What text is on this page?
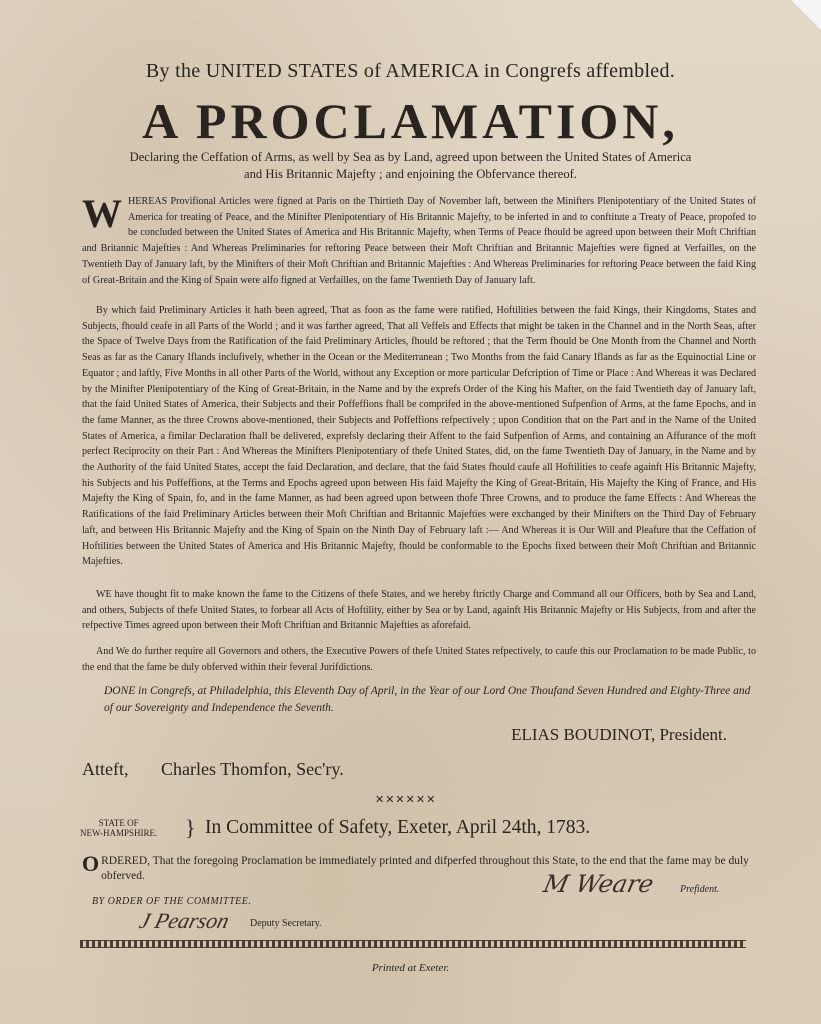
By the UNITED STATES of AMERICA in Congrefs affembled.
A PROCLAMATION,
Declaring the Ceffation of Arms, as well by Sea as by Land, agreed upon between the United States of America and His Britannic Majefty ; and enjoining the Obfervance thereof.
W HEREAS Provifional Articles were figned at Paris on the Thirtieth Day of November laft, between the Minifters Plenipotentiary of the United States of America for treating of Peace, and the Minifter Plenipotentiary of His Britannic Majefty, to be inferted in and to conftitute a Treaty of Peace, propofed to be concluded between the United States of America and His Britannic Majefty, when Terms of Peace fhould be agreed upon between their Moft Chriftian and Britannic Majefties : And Whereas Preliminaries for reftoring Peace between their Moft Chriftian and Britannic Majefties were figned at Verfailles, on the Twentieth Day of January laft, by the Minifters of their Moft Chriftian and Britannic Majefties : And Whereas Preliminaries for reftoring Peace between the faid King of Great-Britain and the King of Spain were alfo figned at Verfailles, on the fame Twentieth Day of January laft.
By which faid Preliminary Articles it hath been agreed, That as foon as the fame were ratified, Hoftilities between the faid Kings, their Kingdoms, States and Subjects, fhould ceafe in all Parts of the World ; and it was farther agreed, That all Veffels and Effects that might be taken in the Channel and in the North Seas, after the Space of Twelve Days from the Ratification of the faid Preliminary Articles, fhould be reftored ; that the Term fhould be One Month from the Channel and North Seas as far as the Canary Iflands inclufively, whether in the Ocean or the Mediterranean ; Two Months from the faid Canary Iflands as far as the Equinoctial Line or Equator ; and laftly, Five Months in all other Parts of the World, without any Exception or more particular Defcription of Time or Place : And Whereas it was Declared by the Minifter Plenipotentiary of the King of Great-Britain, in the Name and by the exprefs Order of the King his Mafter, on the faid Twentieth day of January laft, that the faid United States of America, their Subjects and their Poffeffions fhall be comprifed in the above-mentioned Sufpenfion of Arms, at the fame Epochs, and in the fame Manner, as the three Crowns above-mentioned, their Subjects and Poffeffions refpectively ; upon Condition that on the Part and in the Name of the United States of America, a fimilar Declaration fhall be delivered, exprefsly declaring their Affent to the faid Sufpenfion of Arms, and containing an Affurance of the moft perfect Reciprocity on their Part : And Whereas the Minifters Plenipotentiary of thefe United States, did, on the fame Twentieth Day of January, in the Name and by the Authority of the faid United States, accept the faid Declaration, and declare, that the faid States fhould caufe all Hoftilities to ceafe againft His Britannic Majefty, his Subjects and his Poffeffions, at the Terms and Epochs agreed upon between His faid Majefty the King of Great-Britain, His Majefty the King of France, and His Majefty the King of Spain, fo, and in the fame Manner, as had been agreed upon between thofe Three Crowns, and to produce the fame Effects : And Whereas the Ratifications of the faid Preliminary Articles between their Moft Chriftian and Britannic Majefties were exchanged by their Minifters on the Third Day of February laft, and between His Britannic Majefty and the King of Spain on the Ninth Day of February laft :— And Whereas it is Our Will and Pleafure that the Ceffation of Hoftilities between the United States of America and His Britannic Majefty, fhould be conformable to the Epochs fixed between their Moft Chriftian and Britannic Majefties.
WE have thought fit to make known the fame to the Citizens of thefe States, and we hereby ftrictly Charge and Command all our Officers, both by Sea and Land, and others, Subjects of thefe United States, to forbear all Acts of Hoftility, either by Sea or by Land, againft His Britannic Majefty or His Subjects, from and after the refpective Times agreed upon between their Moft Chriftian and Britannic Majefties as aforefaid.
And We do further require all Governors and others, the Executive Powers of thefe United States refpectively, to caufe this our Proclamation to be made Public, to the end that the fame be duly obferved within their feveral Jurifdictions.
DONE in Congrefs, at Philadelphia, this Eleventh Day of April, in the Year of our Lord One Thoufand Seven Hundred and Eighty-Three and of our Sovereignty and Independence the Seventh.
ELIAS BOUDINOT, President.
Atteft, Charles Thomfon, Sec'ry.
✕✕✕✕✕✕
STATE OF
NEW-HAMPSHIRE. } In Committee of Safety, Exeter, April 24th, 1783.
O RDERED, That the foregoing Proclamation be immediately printed and difperfed throughout this State, to the end that the fame may be duly obferved.	M Weare Prefident.
BY ORDER OF THE COMMITTEE.
J Pearson Deputy Secretary.
Printed at Exeter.
